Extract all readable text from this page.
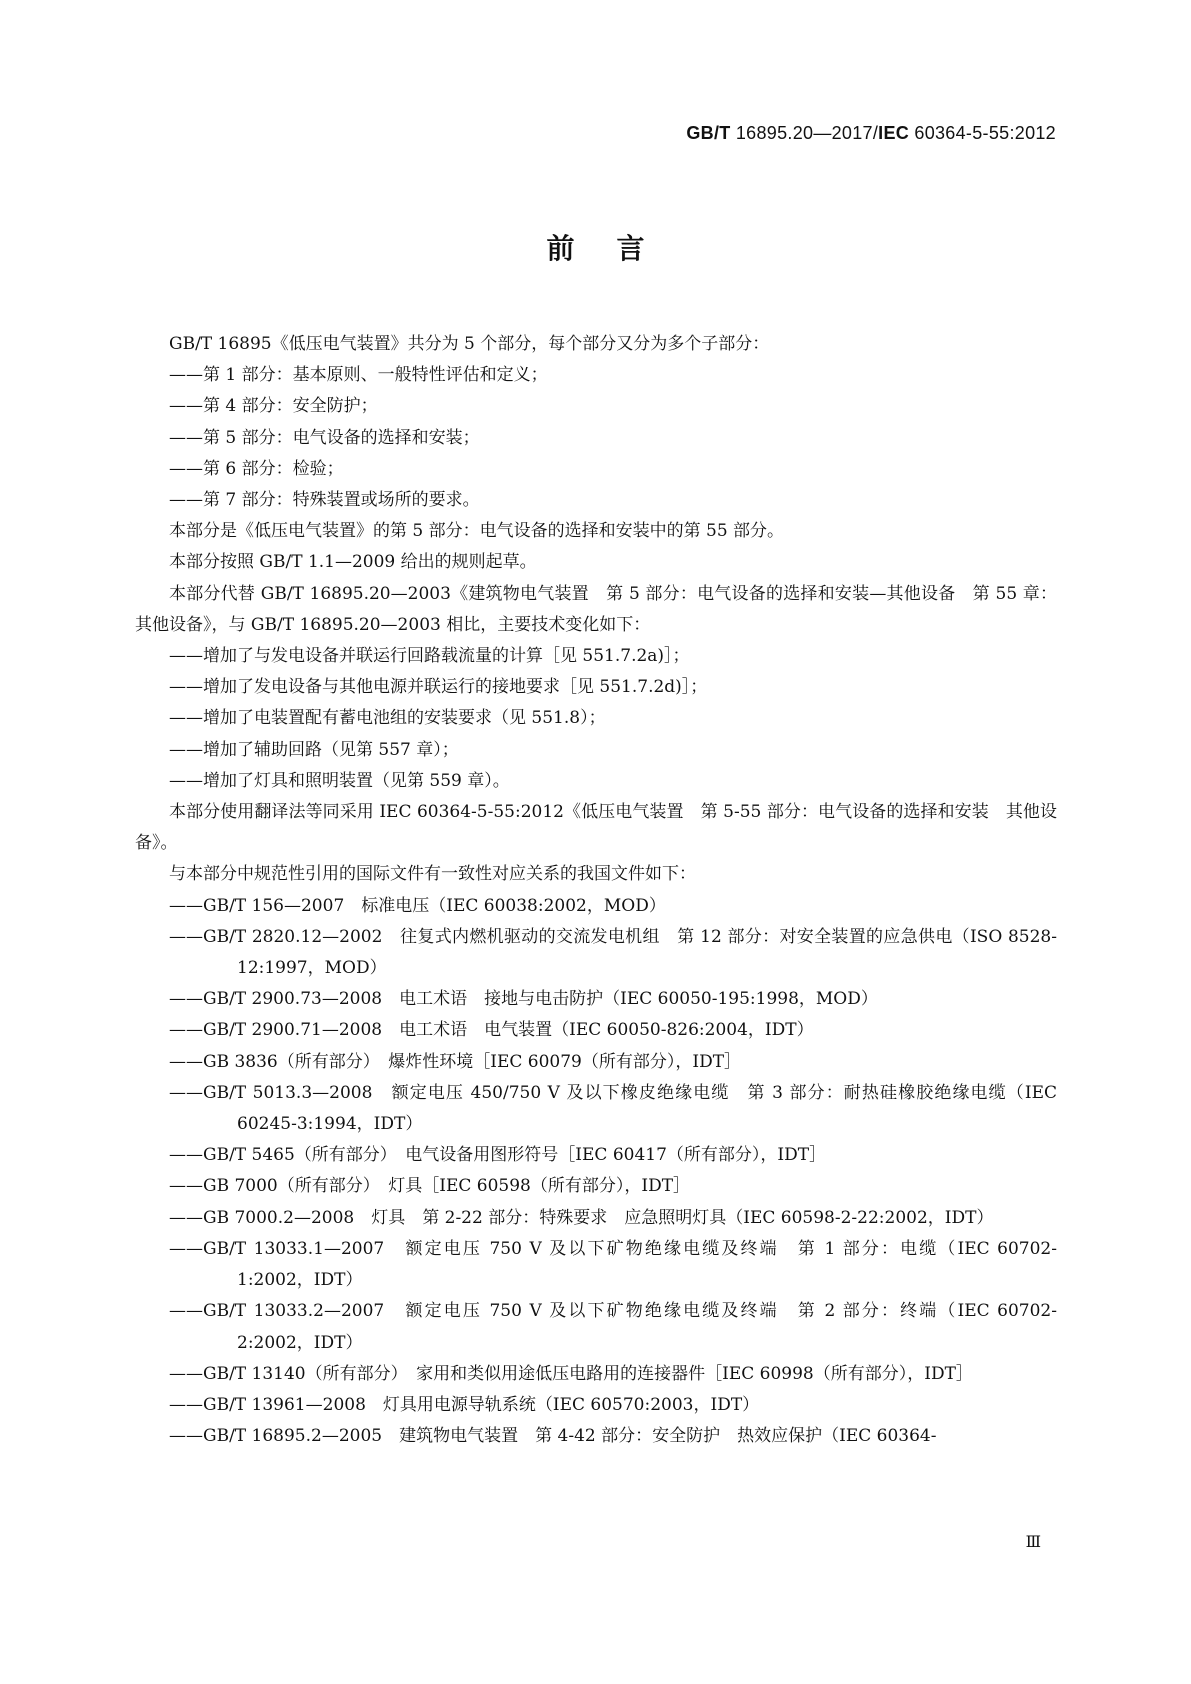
GB/T 16895.20—2017/IEC 60364-5-55:2012
前言

GB/T 16895《低压电气装置》共分为 5 个部分，每个部分又分为多个子部分：

——第 1 部分：基本原则、一般特性评估和定义；

——第 4 部分：安全防护；

——第 5 部分：电气设备的选择和安装；

——第 6 部分：检验；

——第 7 部分：特殊装置或场所的要求。

本部分是《低压电气装置》的第 5 部分：电气设备的选择和安装中的第 55 部分。

本部分按照 GB/T 1.1—2009 给出的规则起草。

本部分代替 GB/T 16895.20—2003《建筑物电气装置　第 5 部分：电气设备的选择和安装—其他设备　第 55 章：其他设备》，与 GB/T 16895.20—2003 相比，主要技术变化如下：

——增加了与发电设备并联运行回路载流量的计算［见 551.7.2a)］；

——增加了发电设备与其他电源并联运行的接地要求［见 551.7.2d)］；

——增加了电装置配有蓄电池组的安装要求（见 551.8）；

——增加了辅助回路（见第 557 章）；

——增加了灯具和照明装置（见第 559 章）。

本部分使用翻译法等同采用 IEC 60364-5-55:2012《低压电气装置　第 5-55 部分：电气设备的选择和安装　其他设备》。

与本部分中规范性引用的国际文件有一致性对应关系的我国文件如下：

——GB/T 156—2007　标准电压（IEC 60038:2002，MOD）

——GB/T 2820.12—2002　往复式内燃机驱动的交流发电机组　第 12 部分：对安全装置的应急供电（ISO 8528-12:1997，MOD）

——GB/T 2900.73—2008　电工术语　接地与电击防护（IEC 60050-195:1998，MOD）

——GB/T 2900.71—2008　电工术语　电气装置（IEC 60050-826:2004，IDT）

——GB 3836（所有部分）　爆炸性环境［IEC 60079（所有部分），IDT］

——GB/T 5013.3—2008　额定电压 450/750 V 及以下橡皮绝缘电缆　第 3 部分：耐热硅橡胶绝缘电缆（IEC 60245-3:1994，IDT）

——GB/T 5465（所有部分）　电气设备用图形符号［IEC 60417（所有部分），IDT］

——GB 7000（所有部分）　灯具［IEC 60598（所有部分），IDT］

——GB 7000.2—2008　灯具　第 2-22 部分：特殊要求　应急照明灯具（IEC 60598-2-22:2002，IDT）

——GB/T 13033.1—2007　额定电压 750 V 及以下矿物绝缘电缆及终端　第 1 部分：电缆（IEC 60702-1:2002，IDT）

——GB/T 13033.2—2007　额定电压 750 V 及以下矿物绝缘电缆及终端　第 2 部分：终端（IEC 60702-2:2002，IDT）

——GB/T 13140（所有部分）　家用和类似用途低压电路用的连接器件［IEC 60998（所有部分），IDT］

——GB/T 13961—2008　灯具用电源导轨系统（IEC 60570:2003，IDT）

——GB/T 16895.2—2005　建筑物电气装置　第 4-42 部分：安全防护　热效应保护（IEC 60364-

Ⅲ
